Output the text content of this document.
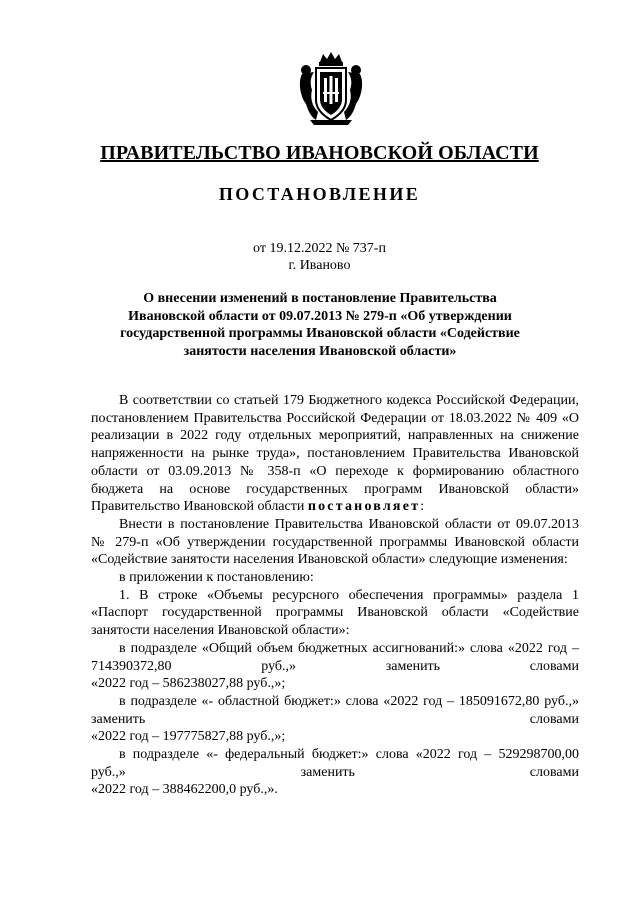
ПРАВИТЕЛЬСТВО ИВАНОВСКОЙ ОБЛАСТИ
ПОСТАНОВЛЕНИЕ
от 19.12.2022 № 737-п
г. Иваново
О внесении изменений в постановление Правительства Ивановской области от 09.07.2013 № 279-п «Об утверждении государственной программы Ивановской области «Содействие занятости населения Ивановской области»

В соответствии со статьей 179 Бюджетного кодекса Российской Федерации, постановлением Правительства Российской Федерации от 18.03.2022 № 409 «О реализации в 2022 году отдельных мероприятий, направленных на снижение напряженности на рынке труда», постановлением Правительства Ивановской области от 03.09.2013 № 358-п «О переходе к формированию областного бюджета на основе государственных программ Ивановской области» Правительство Ивановской области постановляет:

Внести в постановление Правительства Ивановской области от 09.07.2013 № 279-п «Об утверждении государственной программы Ивановской области «Содействие занятости населения Ивановской области» следующие изменения:

в приложении к постановлению:

1. В строке «Объемы ресурсного обеспечения программы» раздела 1 «Паспорт государственной программы Ивановской области «Содействие занятости населения Ивановской области»:

в подразделе «Общий объем бюджетных ассигнований:» слова «2022 год – 714390372,80 руб.,» заменить словами

«2022 год – 586238027,88 руб.,»;

в подразделе «- областной бюджет:» слова «2022 год – 185091672,80 руб.,» заменить словами

«2022 год – 197775827,88 руб.,»;

в подразделе «- федеральный бюджет:» слова «2022 год – 529298700,00 руб.,» заменить словами

«2022 год – 388462200,0 руб.,».
